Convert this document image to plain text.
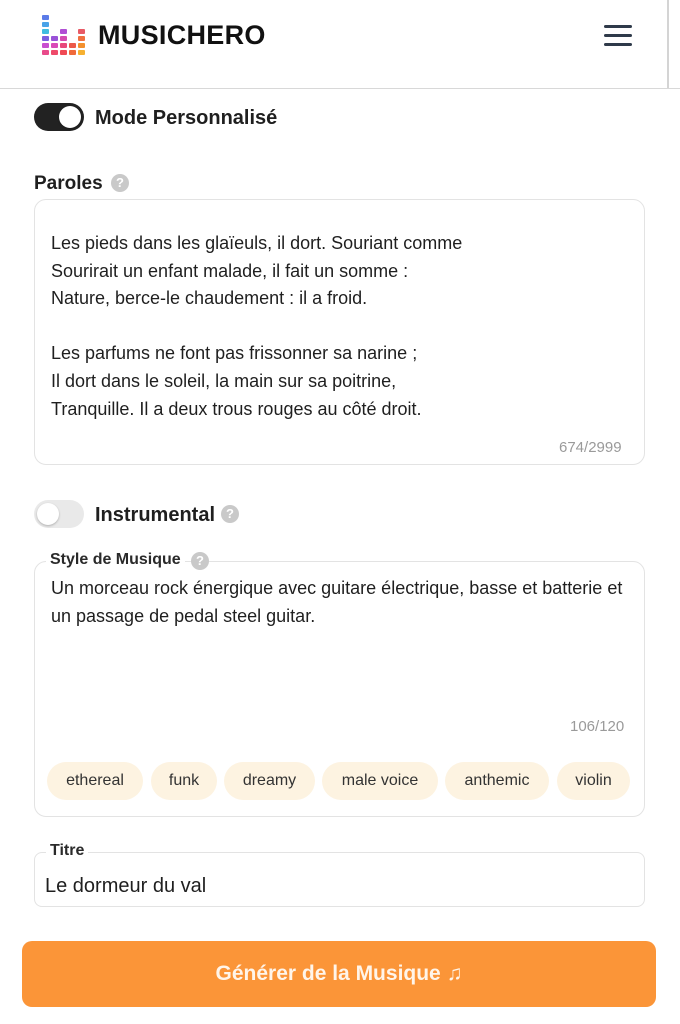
MUSICHERO
Mode Personnalisé
Paroles	?
Les pieds dans les glaïeuls, il dort. Souriant comme
Sourirait un enfant malade, il fait un somme :
Nature, berce-le chaudement : il a froid.

Les parfums ne font pas frissonner sa narine ;
Il dort dans le soleil, la main sur sa poitrine,
Tranquille. Il a deux trous rouges au côté droit.
674/2999
Instrumental ?
Style de Musique	?
Un morceau rock énergique avec guitare électrique, basse et batterie et un passage de pedal steel guitar.
106/120
ethereal	funk	dreamy	male voice	anthemic	violin
Le dormeur du val
Titre
Générer de la Musique ♫
